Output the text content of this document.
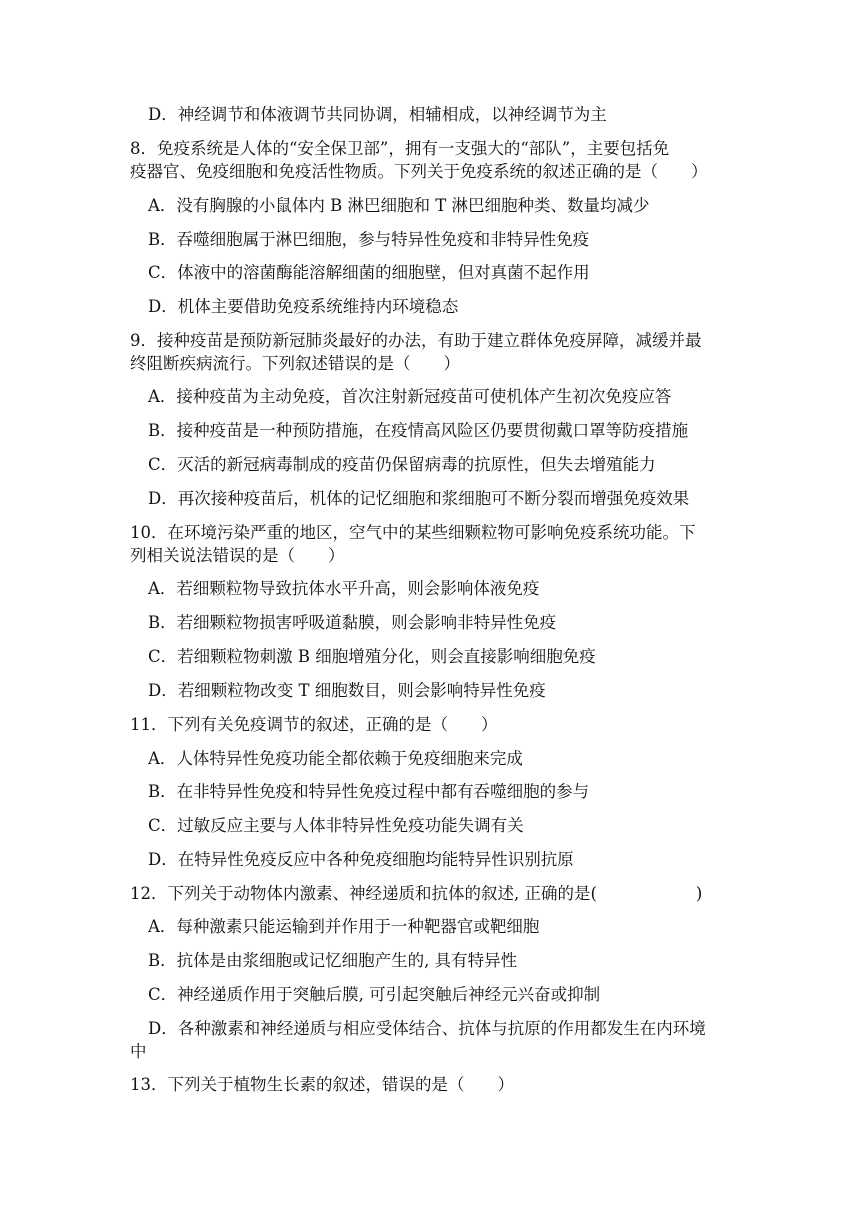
D．神经调节和体液调节共同协调，相辅相成，以神经调节为主
8．免疫系统是人体的“安全保卫部”，拥有一支强大的“部队”，主要包括免
疫器官、免疫细胞和免疫活性物质。下列关于免疫系统的叙述正确的是（　　）
A．没有胸腺的小鼠体内 B 淋巴细胞和 T 淋巴细胞种类、数量均减少
B．吞噬细胞属于淋巴细胞，参与特异性免疫和非特异性免疫
C．体液中的溶菌酶能溶解细菌的细胞壁，但对真菌不起作用
D．机体主要借助免疫系统维持内环境稳态
9．接种疫苗是预防新冠肺炎最好的办法，有助于建立群体免疫屏障，减缓并最
终阻断疾病流行。下列叙述错误的是（　　）
A．接种疫苗为主动免疫，首次注射新冠疫苗可使机体产生初次免疫应答
B．接种疫苗是一种预防措施，在疫情高风险区仍要贯彻戴口罩等防疫措施
C．灭活的新冠病毒制成的疫苗仍保留病毒的抗原性，但失去增殖能力
D．再次接种疫苗后，机体的记忆细胞和浆细胞可不断分裂而增强免疫效果
10．在环境污染严重的地区，空气中的某些细颗粒物可影响免疫系统功能。下
列相关说法错误的是（　　）
A．若细颗粒物导致抗体水平升高，则会影响体液免疫
B．若细颗粒物损害呼吸道黏膜，则会影响非特异性免疫
C．若细颗粒物刺激 B 细胞增殖分化，则会直接影响细胞免疫
D．若细颗粒物改变 T 细胞数目，则会影响特异性免疫
11．下列有关免疫调节的叙述，正确的是（　　）
A．人体特异性免疫功能全都依赖于免疫细胞来完成
B．在非特异性免疫和特异性免疫过程中都有吞噬细胞的参与
C．过敏反应主要与人体非特异性免疫功能失调有关
D．在特异性免疫反应中各种免疫细胞均能特异性识别抗原
12．下列关于动物体内激素、神经递质和抗体的叙述, 正确的是(　　　　　　)
A．每种激素只能运输到并作用于一种靶器官或靶细胞
B．抗体是由浆细胞或记忆细胞产生的, 具有特异性
C．神经递质作用于突触后膜, 可引起突触后神经元兴奋或抑制
D．各种激素和神经递质与相应受体结合、抗体与抗原的作用都发生在内环境
中
13．下列关于植物生长素的叙述，错误的是（　　）
